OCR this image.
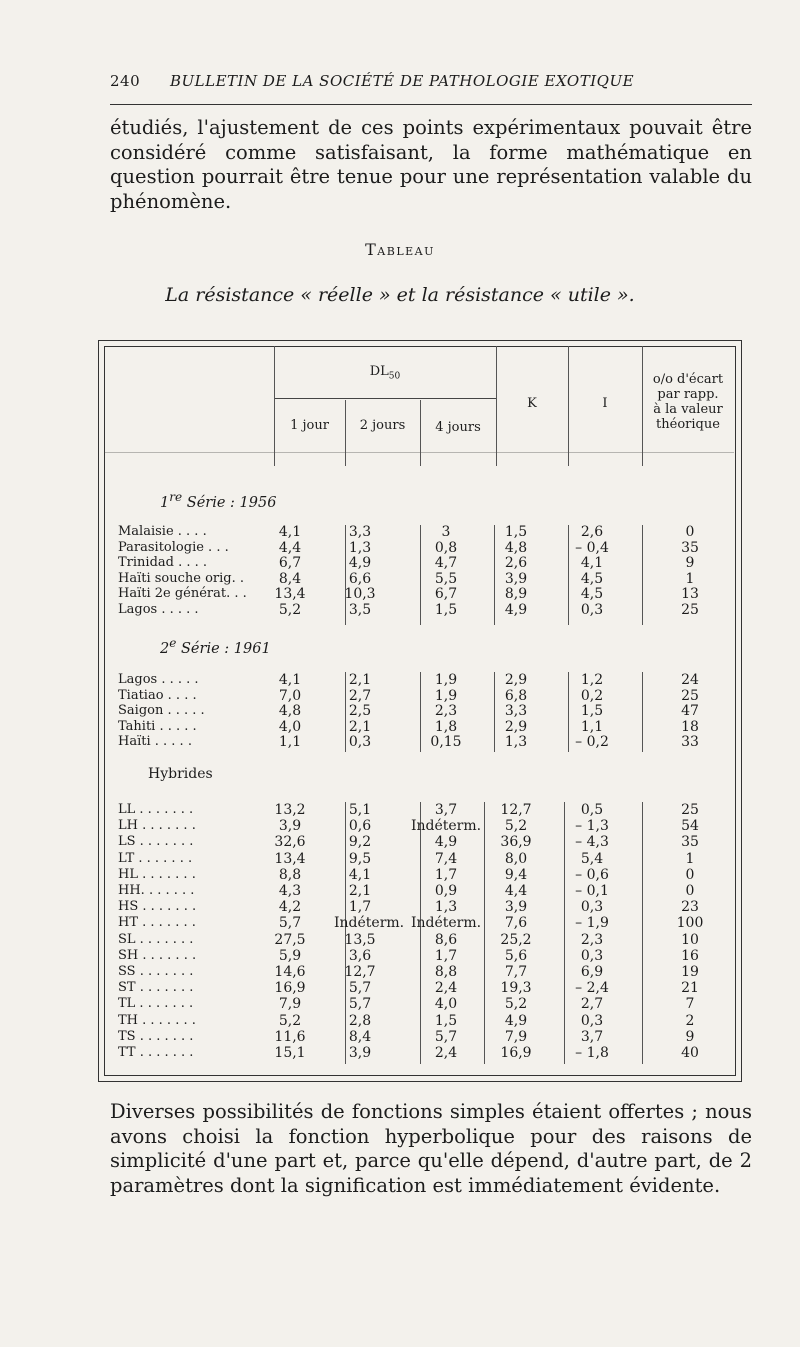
240 BULLETIN DE LA SOCIÉTÉ DE PATHOLOGIE EXOTIQUE
étudiés, l'ajustement de ces points expérimentaux pouvait être considéré comme satisfaisant, la forme mathématique en question pourrait être tenue pour une représentation valable du phénomène.
Tableau
La résistance « réelle » et la résistance « utile ».
$DL_{50}$
1 jour	2 jours	4 jours
K	I
o/o d'écart
par rapp.
à la valeur
théorique
1re Série : 1956
2e Série : 1961
Hybrides
Malaisie . . . .	4,1	3,3	3	1,5	2,6	0
Parasitologie . . .	4,4	1,3	0,8	4,8	– 0,4	35
Trinidad . . . .	6,7	4,9	4,7	2,6	4,1	9
Haïti souche orig. .	8,4	6,6	5,5	3,9	4,5	1
Haïti 2e générat. . .	13,4	10,3	6,7	8,9	4,5	13
Lagos . . . . .	5,2	3,5	1,5	4,9	0,3	25
Lagos . . . . .	4,1	2,1	1,9	2,9	1,2	24
Tiatiao . . . .	7,0	2,7	1,9	6,8	0,2	25
Saigon . . . . .	4,8	2,5	2,3	3,3	1,5	47
Tahiti . . . . .	4,0	2,1	1,8	2,9	1,1	18
Haïti . . . . .	1,1	0,3	0,15	1,3	– 0,2	33
LL . . . . . . .	13,2	5,1	3,7	12,7	0,5	25
LH . . . . . . .	3,9	0,6	Indéterm.	5,2	– 1,3	54
LS . . . . . . .	32,6	9,2	4,9	36,9	– 4,3	35
LT . . . . . . .	13,4	9,5	7,4	8,0	5,4	1
HL . . . . . . .	8,8	4,1	1,7	9,4	– 0,6	0
HH. . . . . . .	4,3	2,1	0,9	4,4	– 0,1	0
HS . . . . . . .	4,2	1,7	1,3	3,9	0,3	23
HT . . . . . . .	5,7	Indéterm. Indéterm.	7,6	– 1,9	100
SL . . . . . . .	27,5	13,5	8,6	25,2	2,3	10
SH . . . . . . .	5,9	3,6	1,7	5,6	0,3	16
SS . . . . . . .	14,6	12,7	8,8	7,7	6,9	19
ST . . . . . . .	16,9	5,7	2,4	19,3	– 2,4	21
TL . . . . . . .	7,9	5,7	4,0	5,2	2,7	7
TH . . . . . . .	5,2	2,8	1,5	4,9	0,3	2
TS . . . . . . .	11,6	8,4	5,7	7,9	3,7	9
TT . . . . . . .	15,1	3,9	2,4	16,9	– 1,8	40
Diverses possibilités de fonctions simples étaient offertes ; nous avons choisi la fonction hyperbolique pour des raisons de simplicité d'une part et, parce qu'elle dépend, d'autre part, de 2 paramètres dont la signification est immédiatement évidente.
